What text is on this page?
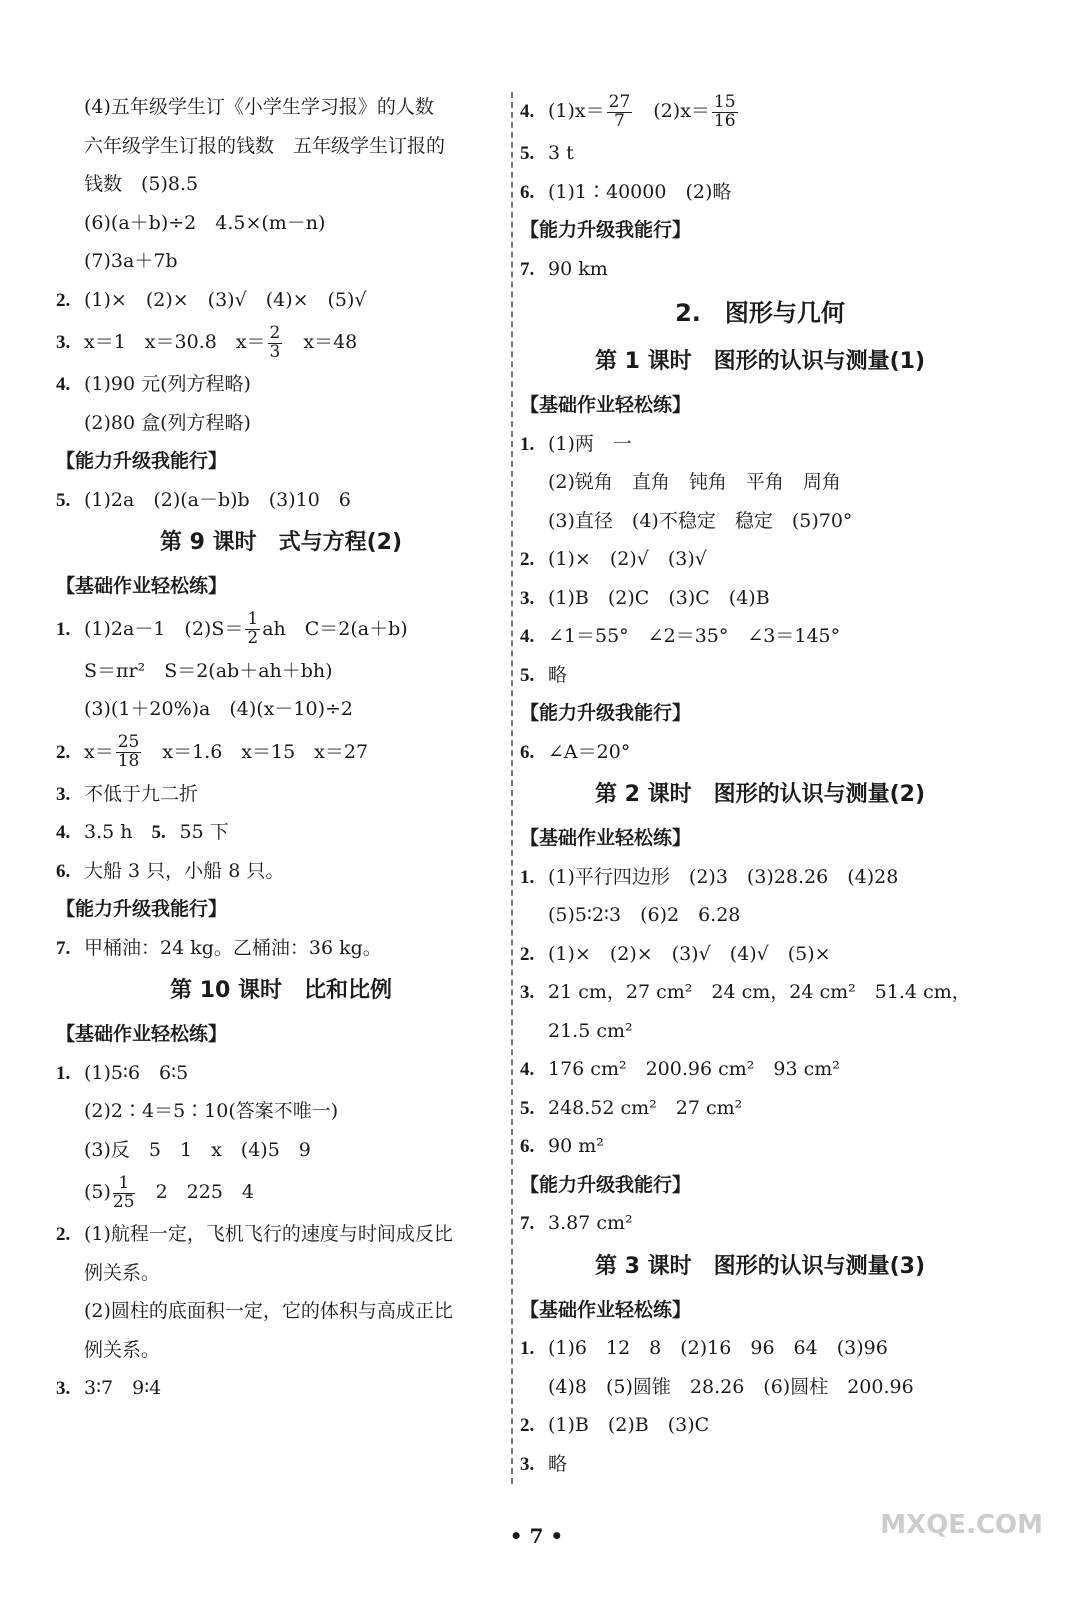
(4)五年级学生订《小学生学习报》的人数
六年级学生订报的钱数　五年级学生订报的
钱数　(5)8.5
(6)(a＋b)÷2　4.5×(m－n)
(7)3a＋7b
2. (1)×　(2)×　(3)√　(4)×　(5)√
3. x＝1　x＝30.8　$x= \frac{2}{3}$ 　x＝48
4. (1)90 元(列方程略)
(2)80 盒(列方程略)
【能力升级我能行】
5. (1)2a　(2)(a－b)b　(3)10　6
第 9 课时　式与方程(2)
【基础作业轻松练】
1. (1)2a－1　$(2)S= \frac{1}{2}$ ah　C＝2(a＋b)
S＝πr²　S＝2(ab＋ah＋bh)
(3)(1＋20%)a　(4)(x－10)÷2
2. $x= \frac{25}{18}$ 　x＝1.6　x＝15　x＝27
3. 不低于九二折
4. 3.5 h　 5. 55 下
6. 大船 3 只，小船 8 只。
【能力升级我能行】
7. 甲桶油：24 kg。乙桶油：36 kg。
第 10 课时　比和比例
【基础作业轻松练】
1. (1)5∶6　6∶5
(2)2∶4＝5∶10(答案不唯一)
(3)反　5　1　x　(4)5　9
$(5) \frac{1}{25}$ 　2　225　4
2. (1)航程一定，飞机飞行的速度与时间成反比
例关系。
(2)圆柱的底面积一定，它的体积与高成正比
例关系。
3. 3∶7　9∶4
4. $(1)x= \frac{27}{7}$ 　$(2)x= \frac{15}{16}$
5. 3 t
6. (1)1∶40000　(2)略
【能力升级我能行】
7. 90 km
2.　图形与几何
第 1 课时　图形的认识与测量(1)
【基础作业轻松练】
1. (1)两　一
(2)锐角　直角　钝角　平角　周角
(3)直径　(4)不稳定　稳定　(5)70°
2. (1)×　(2)√　(3)√
3. (1)B　(2)C　(3)C　(4)B
4. ∠1＝55°　∠2＝35°　∠3＝145°
5. 略
【能力升级我能行】
6. ∠A＝20°
第 2 课时　图形的认识与测量(2)
【基础作业轻松练】
1. (1)平行四边形　(2)3　(3)28.26　(4)28
(5)5∶2∶3　(6)2　6.28
2. (1)×　(2)×　(3)√　(4)√　(5)×
3. 21 cm，27 cm²　24 cm，24 cm²　51.4 cm，
21.5 cm²
4. 176 cm²　200.96 cm²　93 cm²
5. 248.52 cm²　27 cm²
6. 90 m²
【能力升级我能行】
7. 3.87 cm²
第 3 课时　图形的认识与测量(3)
【基础作业轻松练】
1. (1)6　12　8　(2)16　96　64　(3)96
(4)8　(5)圆锥　28.26　(6)圆柱　200.96
2. (1)B　(2)B　(3)C
3. 略
• 7 •	MXQE.COM
